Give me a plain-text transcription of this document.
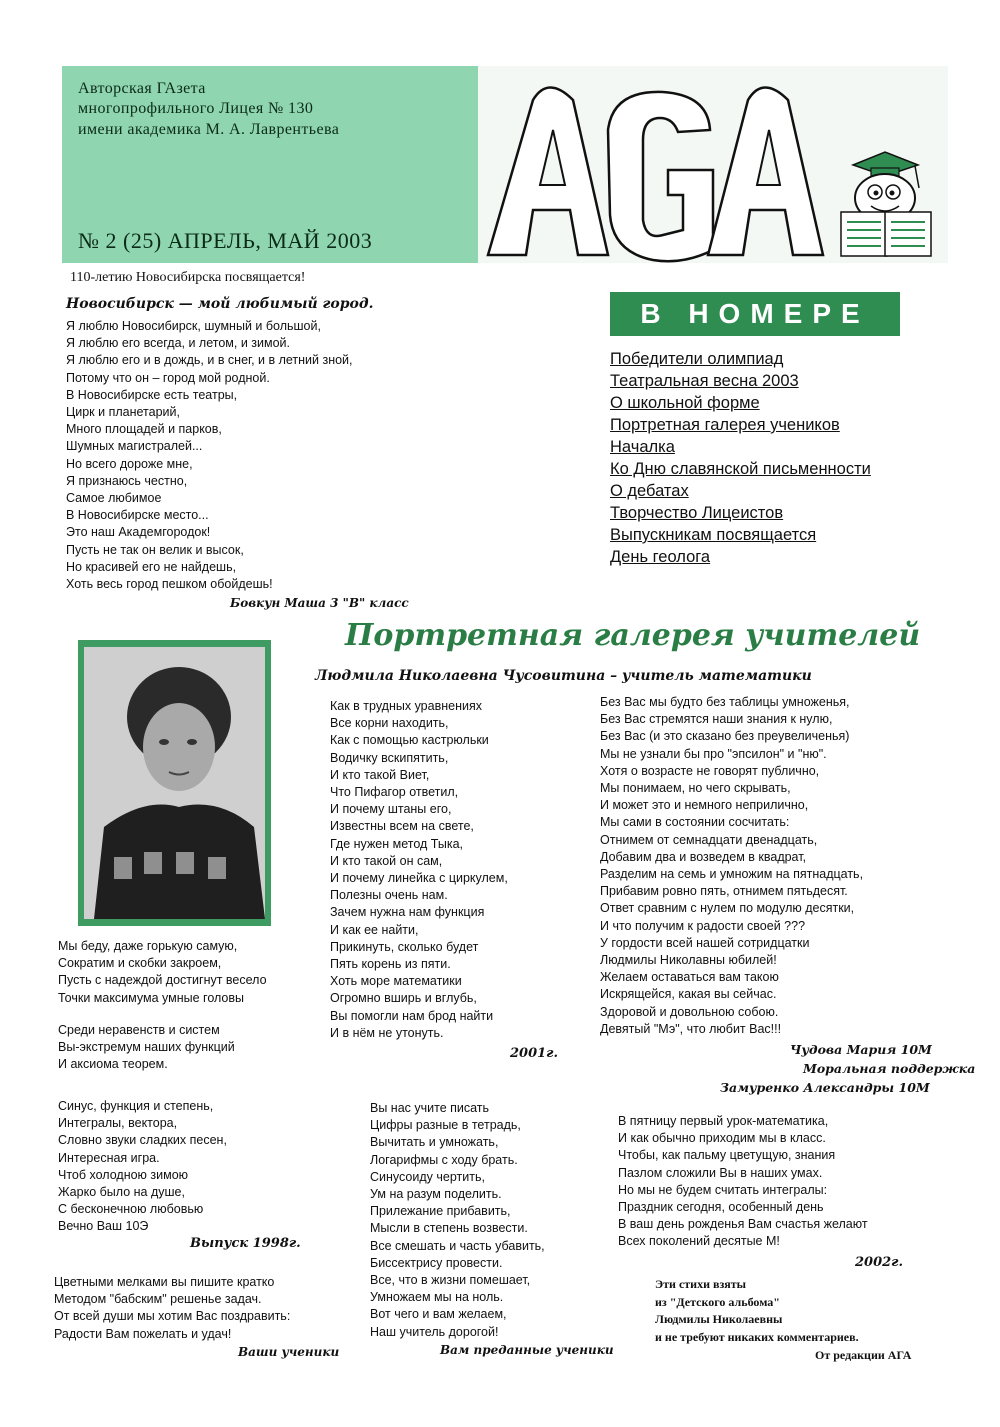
Авторская ГАзета
многопрофильного Лицея № 130
имени академика М. А. Лаврентьева
№ 2 (25) АПРЕЛЬ, МАЙ 2003
АГА
110-летию Новосибирска посвящается!
Новосибирск — мой любимый город.
Я люблю Новосибирск, шумный и большой,
Я люблю его всегда, и летом, и зимой.
Я люблю его и в дождь, и в снег, и в летний зной,
Потому что он – город мой родной.
В Новосибирске есть театры,
Цирк и планетарий,
Много площадей и парков,
Шумных магистралей...
Но всего дороже мне,
Я признаюсь честно,
Самое любимое
В Новосибирске место...
Это наш Академгородок!
Пусть не так он велик и высок,
Но красивей его не найдешь,
Хоть весь город пешком обойдешь!
Бовкун Маша 3 "В" класс
В НОМЕРЕ
Победители олимпиад
Театральная весна 2003
О школьной форме
Портретная галерея учеников
Началка
Ко Дню славянской письменности
О дебатах
Творчество Лицеистов
Выпускникам посвящается
День геолога
Портретная галерея учителей
Людмила Николаевна Чусовитина – учитель математики
Как в трудных уравнениях
Все корни находить,
Как с помощью кастрюльки
Водичку вскипятить,
И кто такой Виет,
Что Пифагор ответил,
И почему штаны его,
Известны всем на свете,
Где нужен метод Тыка,
И кто такой он сам,
И почему линейка с циркулем,
Полезны очень нам.
Зачем нужна нам функция
И как ее найти,
Прикинуть, сколько будет
Пять корень из пяти.
Хоть море математики
Огромно вширь и вглубь,
Вы помогли нам брод найти
И в нём не утонуть.
2001г.
Без Вас мы будто без таблицы умноженья,
Без Вас стремятся наши знания к нулю,
Без Вас (и это сказано без преувеличенья)
Мы не узнали бы про "эпсилон" и "ню".
Хотя о возрасте не говорят публично,
Мы понимаем, но чего скрывать,
И может это и немного неприлично,
Мы сами в состоянии сосчитать:
Отнимем от семнадцати двенадцать,
Добавим два и возведем в квадрат,
Разделим на семь и умножим на пятнадцать,
Прибавим ровно пять, отнимем пятьдесят.
Ответ сравним с нулем по модулю десятки,
И что получим к радости своей ???
У гордости всей нашей сотридцатки
Людмилы Николавны юбилей!
Желаем оставаться вам такою
Искрящейся, какая вы сейчас.
Здоровой и довольною собою.
Девятый "Мэ", что любит Вас!!!
Чудова Мария 10М
Моральная поддержка
Замуренко Александры 10М
Мы беду, даже горькую самую,
Сократим и скобки закроем,
Пусть с надеждой достигнут весело
Точки максимума умные головы
Среди неравенств и систем
Вы-экстремум наших функций
И аксиома теорем.
Синус, функция и степень,
Интегралы, вектора,
Словно звуки сладких песен,
Интересная игра.
Чтоб холодною зимою
Жарко было на душе,
С бесконечною любовью
Вечно Ваш 10Э
Выпуск 1998г.
Цветными мелками вы пишите кратко
Методом "бабским" решенье задач.
От всей души мы хотим Вас поздравить:
Радости Вам пожелать и удач!
Ваши ученики
Вы нас учите писать
Цифры разные в тетрадь,
Вычитать и умножать,
Логарифмы с ходу брать.
Синусоиду чертить,
Ум на разум поделить.
Прилежание прибавить,
Мысли в степень возвести.
Все смешать и часть убавить,
Биссектрису провести.
Все, что в жизни помешает,
Умножаем мы на ноль.
Вот чего и вам желаем,
Наш учитель дорогой!
Вам преданные ученики
В пятницу первый урок-математика,
И как обычно приходим мы в класс.
Чтобы, как пальму цветущую, знания
Пазлом сложили Вы в наших умах.
Но мы не будем считать интегралы:
Праздник сегодня, особенный день
В ваш день рожденья Вам счастья желают
Всех поколений десятые М!
2002г.
Эти стихи взяты
из "Детского альбома"
Людмилы Николаевны
и не требуют никаких комментариев.
От редакции АГА
